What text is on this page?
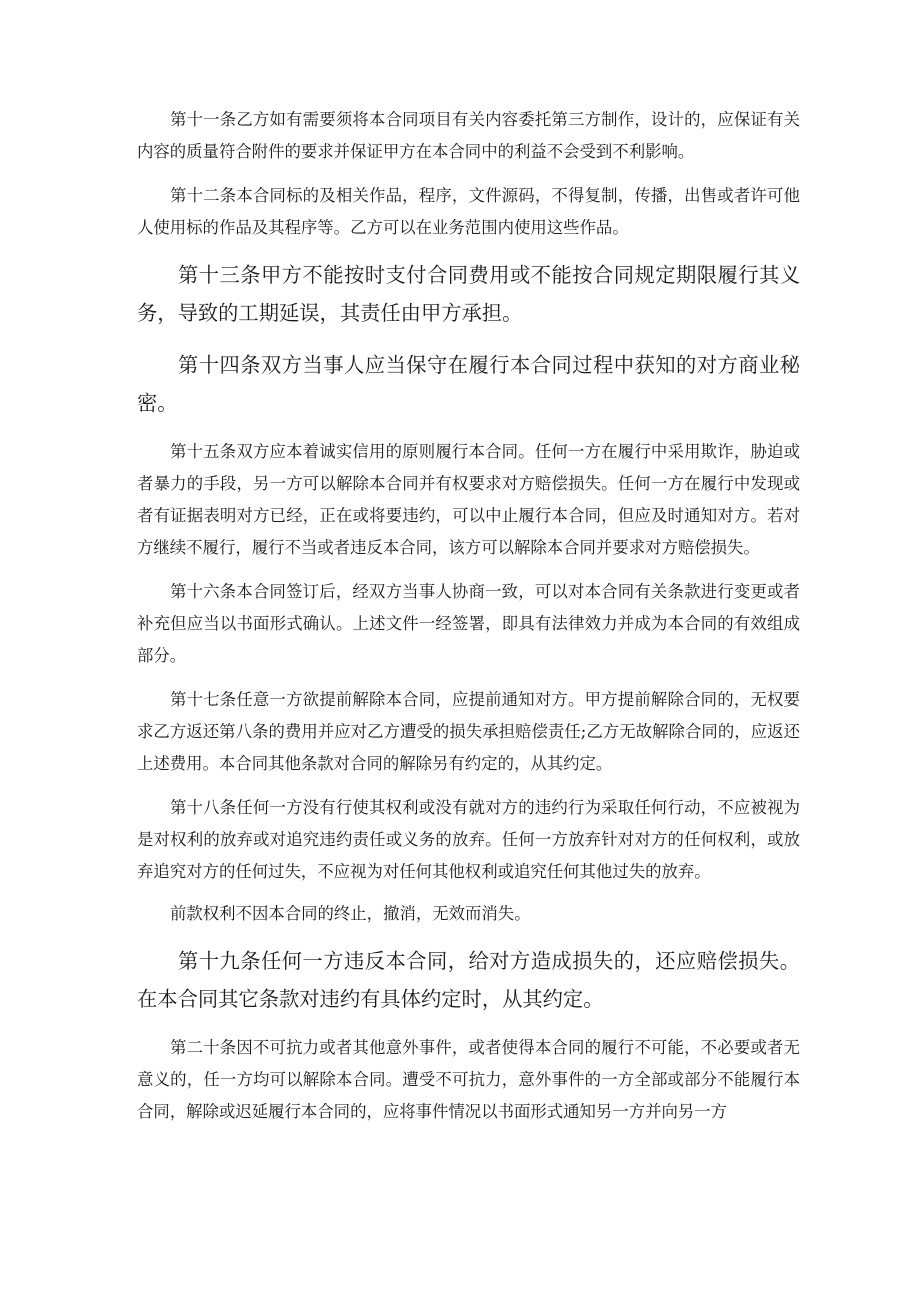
第十一条乙方如有需要须将本合同项目有关内容委托第三方制作，设计的，应保证有关内容的质量符合附件的要求并保证甲方在本合同中的利益不会受到不利影响。

第十二条本合同标的及相关作品，程序，文件源码，不得复制，传播，出售或者许可他人使用标的作品及其程序等。乙方可以在业务范围内使用这些作品。

第十三条甲方不能按时支付合同费用或不能按合同规定期限履行其义务，导致的工期延误，其责任由甲方承担。

第十四条双方当事人应当保守在履行本合同过程中获知的对方商业秘密。

第十五条双方应本着诚实信用的原则履行本合同。任何一方在履行中采用欺诈，胁迫或者暴力的手段，另一方可以解除本合同并有权要求对方赔偿损失。任何一方在履行中发现或者有证据表明对方已经，正在或将要违约，可以中止履行本合同，但应及时通知对方。若对方继续不履行，履行不当或者违反本合同，该方可以解除本合同并要求对方赔偿损失。

第十六条本合同签订后，经双方当事人协商一致，可以对本合同有关条款进行变更或者补充但应当以书面形式确认。上述文件一经签署，即具有法律效力并成为本合同的有效组成部分。

第十七条任意一方欲提前解除本合同，应提前通知对方。甲方提前解除合同的，无权要求乙方返还第八条的费用并应对乙方遭受的损失承担赔偿责任;乙方无故解除合同的，应返还上述费用。本合同其他条款对合同的解除另有约定的，从其约定。

第十八条任何一方没有行使其权利或没有就对方的违约行为采取任何行动，不应被视为是对权利的放弃或对追究违约责任或义务的放弃。任何一方放弃针对对方的任何权利，或放弃追究对方的任何过失，不应视为对任何其他权利或追究任何其他过失的放弃。

前款权利不因本合同的终止，撤消，无效而消失。

第十九条任何一方违反本合同，给对方造成损失的，还应赔偿损失。在本合同其它条款对违约有具体约定时，从其约定。

第二十条因不可抗力或者其他意外事件，或者使得本合同的履行不可能，不必要或者无意义的，任一方均可以解除本合同。遭受不可抗力，意外事件的一方全部或部分不能履行本合同，解除或迟延履行本合同的，应将事件情况以书面形式通知另一方并向另一方
